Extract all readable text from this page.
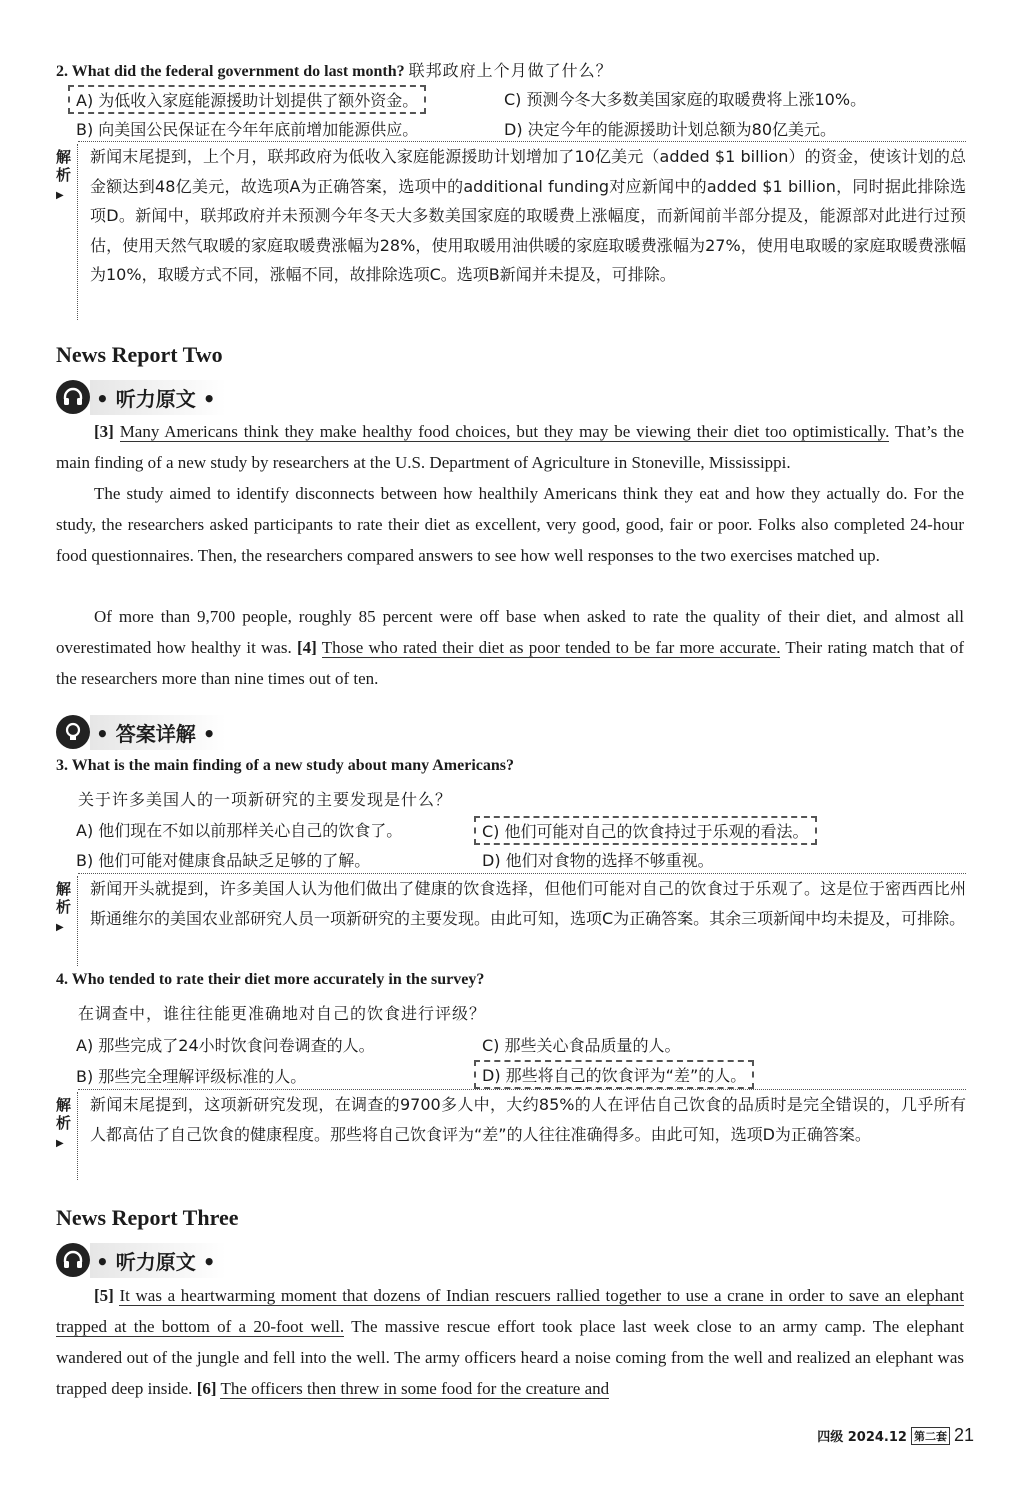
2. What did the federal government do last month? 联邦政府上个月做了什么？
A) 为低收入家庭能源援助计划提供了额外资金。	C) 预测今冬大多数美国家庭的取暖费将上涨10%。
B) 向美国公民保证在今年年底前增加能源供应。	D) 决定今年的能源援助计划总额为80亿美元。
解析▶
新闻末尾提到，上个月，联邦政府为低收入家庭能源援助计划增加了10亿美元（added $1 billion）的资金，使该计划的总金额达到48亿美元，故选项A为正确答案，选项中的additional funding对应新闻中的added $1 billion，同时据此排除选项D。新闻中，联邦政府并未预测今年冬天大多数美国家庭的取暖费上涨幅度，而新闻前半部分提及，能源部对此进行过预估，使用天然气取暖的家庭取暖费涨幅为28%，使用取暖用油供暖的家庭取暖费涨幅为27%，使用电取暖的家庭取暖费涨幅为10%，取暖方式不同，涨幅不同，故排除选项C。选项B新闻并未提及，可排除。
News Report Two
• 听力原文 •
[3] Many Americans think they make healthy food choices, but they may be viewing their diet too optimistically. That’s the main finding of a new study by researchers at the U.S. Department of Agriculture in Stoneville, Mississippi.
The study aimed to identify disconnects between how healthily Americans think they eat and how they actually do. For the study, the researchers asked participants to rate their diet as excellent, very good, good, fair or poor. Folks also completed 24-hour food questionnaires. Then, the researchers compared answers to see how well responses to the two exercises matched up.
Of more than 9,700 people, roughly 85 percent were off base when asked to rate the quality of their diet, and almost all overestimated how healthy it was. [4] Those who rated their diet as poor tended to be far more accurate. Their rating match that of the researchers more than nine times out of ten.
• 答案详解 •
3. What is the main finding of a new study about many Americans?
关于许多美国人的一项新研究的主要发现是什么？
A) 他们现在不如以前那样关心自己的饮食了。	C) 他们可能对自己的饮食持过于乐观的看法。
B) 他们可能对健康食品缺乏足够的了解。	D) 他们对食物的选择不够重视。
解析▶
新闻开头就提到，许多美国人认为他们做出了健康的饮食选择，但他们可能对自己的饮食过于乐观了。这是位于密西西比州斯通维尔的美国农业部研究人员一项新研究的主要发现。由此可知，选项C为正确答案。其余三项新闻中均未提及，可排除。
4. Who tended to rate their diet more accurately in the survey?
在调查中，谁往往能更准确地对自己的饮食进行评级？
A) 那些完成了24小时饮食问卷调查的人。	C) 那些关心食品质量的人。
B) 那些完全理解评级标准的人。	D) 那些将自己的饮食评为“差”的人。
解析▶
新闻末尾提到，这项新研究发现，在调查的9700多人中，大约85%的人在评估自己饮食的品质时是完全错误的，几乎所有人都高估了自己饮食的健康程度。那些将自己饮食评为“差”的人往往准确得多。由此可知，选项D为正确答案。
News Report Three
• 听力原文 •
[5] It was a heartwarming moment that dozens of Indian rescuers rallied together to use a crane in order to save an elephant trapped at the bottom of a 20-foot well. The massive rescue effort took place last week close to an army camp. The elephant wandered out of the jungle and fell into the well. The army officers heard a noise coming from the well and realized an elephant was trapped deep inside. [6] The officers then threw in some food for the creature and
四级 2024.12 第二套 21
